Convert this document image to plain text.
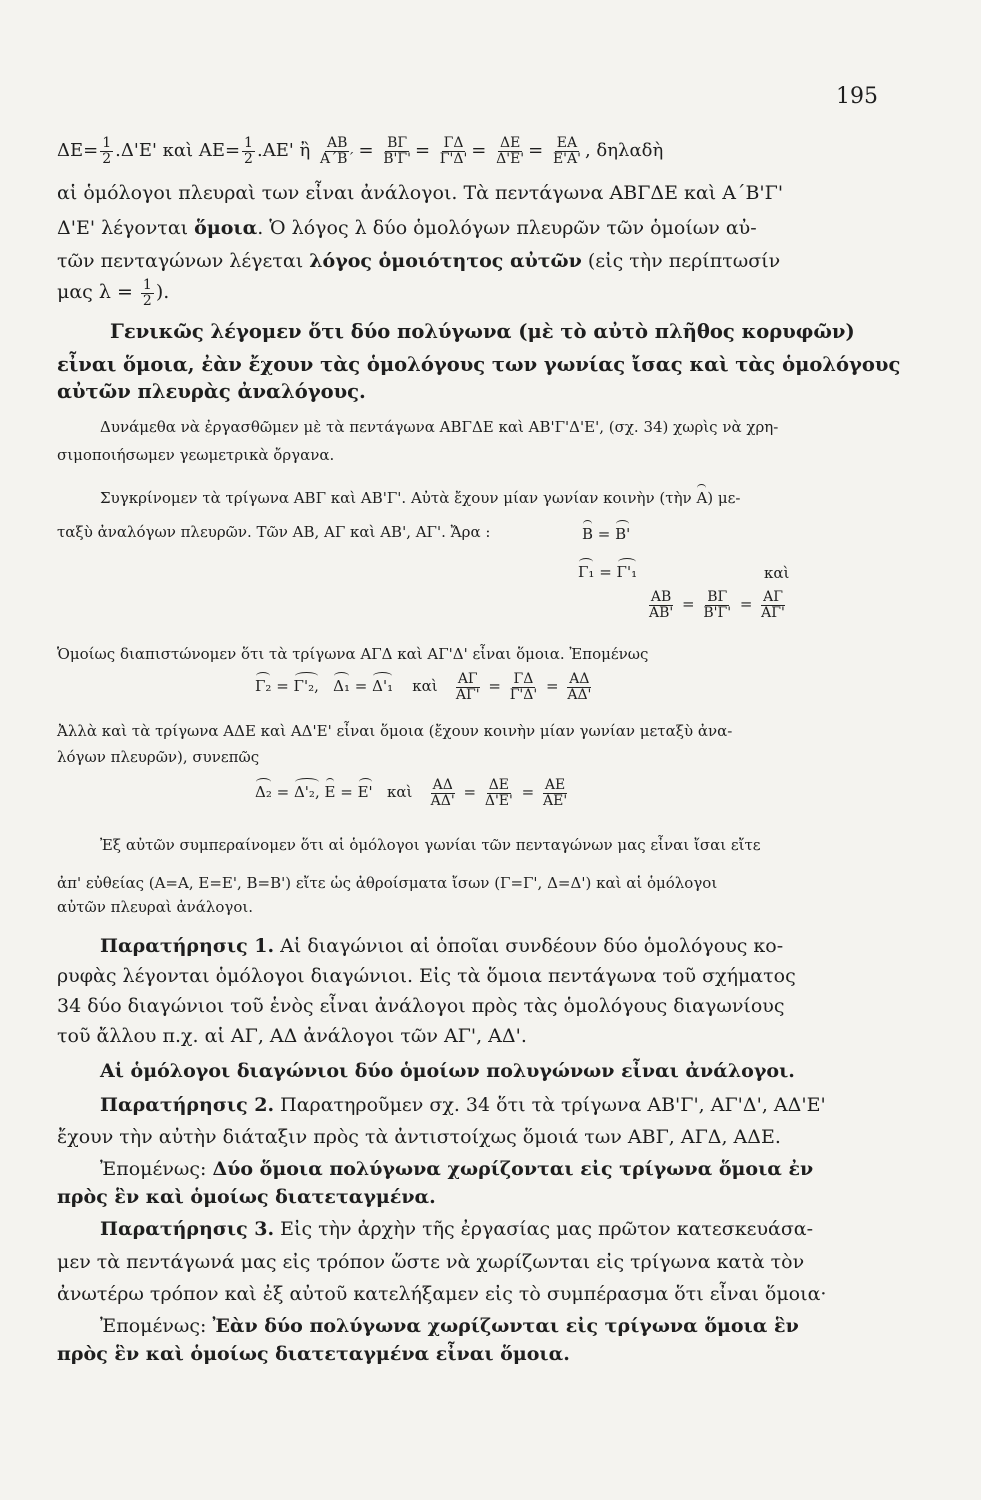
195
$\Delta E= \frac{1}{2} .\Delta'E'$ καὶ $AE= \frac{1}{2} .AE'$ ἢ $\frac{AB}{A΄B΄} = \frac{B\Gamma}{B'\Gamma'} = \frac{\Gamma\Delta}{\Gamma'\Delta'} = \frac{\Delta E}{\Delta'E'} = \frac{EA}{E'A'}$ , δηλαδὴ
αἱ ὁμόλογοι πλευραὶ των εἶναι ἀνάλογοι. Τὰ πεντάγωνα ΑΒΓΔΕ καὶ Α΄Β'Γ'
Δ'Ε' λέγονται ὅμοια. Ὁ λόγος λ δύο ὁμολόγων πλευρῶν τῶν ὁμοίων αὐ-
τῶν πενταγώνων λέγεται λόγος ὁμοιότητος αὐτῶν (εἰς τὴν περίπτωσίν
μας $\lambda = \frac{1}{2}$ ).
Γενικῶς λέγομεν ὅτι δύο πολύγωνα (μὲ τὸ αὐτὸ πλῆθος κορυφῶν)
εἶναι ὅμοια, ἐὰν ἔχουν τὰς ὁμολόγους των γωνίας ἴσας καὶ τὰς ὁμολόγους
αὐτῶν πλευρὰς ἀναλόγους.
Δυνάμεθα νὰ ἐργασθῶμεν μὲ τὰ πεντάγωνα ΑΒΓΔΕ καὶ ΑΒ'Γ'Δ'Ε', (σχ. 34) χωρὶς νὰ χρη-
σιμοποιήσωμεν γεωμετρικὰ ὄργανα.
Συγκρίνομεν τὰ τρίγωνα ΑΒΓ καὶ ΑΒ'Γ'. Αὐτὰ ἔχουν μίαν γωνίαν κοινὴν (τὴν Α) με-
ταξὺ ἀναλόγων πλευρῶν. Τῶν ΑΒ, ΑΓ καὶ ΑΒ', ΑΓ'. Ἄρα :	Β = Β'
Γ₁ = Γ'₁	καὶ
$\frac{AB}{AB'} = \frac{B\Gamma}{B'\Gamma'} = \frac{A\Gamma}{A\Gamma'}$
Ὁμοίως διαπιστώνομεν ὅτι τὰ τρίγωνα ΑΓΔ καὶ ΑΓ'Δ' εἶναι ὅμοια. Ἐπομένως
Γ₂ = Γ'₂, Δ₁ = Δ'₁ καὶ $\frac{A\Gamma}{A\Gamma'} = \frac{\Gamma\Delta}{\Gamma'\Delta'} = \frac{A\Delta}{A\Delta'}$
Ἀλλὰ καὶ τὰ τρίγωνα ΑΔΕ καὶ ΑΔ'Ε' εἶναι ὅμοια (ἔχουν κοινὴν μίαν γωνίαν μεταξὺ ἀνα-
λόγων πλευρῶν), συνεπῶς
Δ₂ = Δ'₂, Ε = Ε' καὶ $\frac{A\Delta}{A\Delta'} = \frac{\Delta E}{\Delta'E'} = \frac{AE}{AE'}$
Ἐξ αὐτῶν συμπεραίνομεν ὅτι αἱ ὁμόλογοι γωνίαι τῶν πενταγώνων μας εἶναι ἴσαι εἴτε
ἀπ' εὐθείας (Α=Α, Ε=Ε', Β=Β') εἴτε ὡς ἀθροίσματα ἴσων (Γ=Γ', Δ=Δ') καὶ αἱ ὁμόλογοι
αὐτῶν πλευραὶ ἀνάλογοι.
Παρατήρησις 1. Αἱ διαγώνιοι αἱ ὁποῖαι συνδέουν δύο ὁμολόγους κο-
ρυφὰς λέγονται ὁμόλογοι διαγώνιοι. Εἰς τὰ ὅμοια πεντάγωνα τοῦ σχήματος
34 δύο διαγώνιοι τοῦ ἑνὸς εἶναι ἀνάλογοι πρὸς τὰς ὁμολόγους διαγωνίους
τοῦ ἄλλου π.χ. αἱ ΑΓ, ΑΔ ἀνάλογοι τῶν ΑΓ', ΑΔ'.
Αἱ ὁμόλογοι διαγώνιοι δύο ὁμοίων πολυγώνων εἶναι ἀνάλογοι.
Παρατήρησις 2. Παρατηροῦμεν σχ. 34 ὅτι τὰ τρίγωνα ΑΒ'Γ', ΑΓ'Δ', ΑΔ'Ε'
ἔχουν τὴν αὐτὴν διάταξιν πρὸς τὰ ἀντιστοίχως ὅμοιά των ΑΒΓ, ΑΓΔ, ΑΔΕ.
Ἐπομένως: Δύο ὅμοια πολύγωνα χωρίζονται εἰς τρίγωνα ὅμοια ἐν
πρὸς ἓν καὶ ὁμοίως διατεταγμένα.
Παρατήρησις 3. Εἰς τὴν ἀρχὴν τῆς ἐργασίας μας πρῶτον κατεσκευάσα-
μεν τὰ πεντάγωνά μας εἰς τρόπον ὥστε νὰ χωρίζωνται εἰς τρίγωνα κατὰ τὸν
ἀνωτέρω τρόπον καὶ ἐξ αὐτοῦ κατελήξαμεν εἰς τὸ συμπέρασμα ὅτι εἶναι ὅμοια·
Ἐπομένως: Ἐὰν δύο πολύγωνα χωρίζωνται εἰς τρίγωνα ὅμοια ἓν
πρὸς ἓν καὶ ὁμοίως διατεταγμένα εἶναι ὅμοια.
